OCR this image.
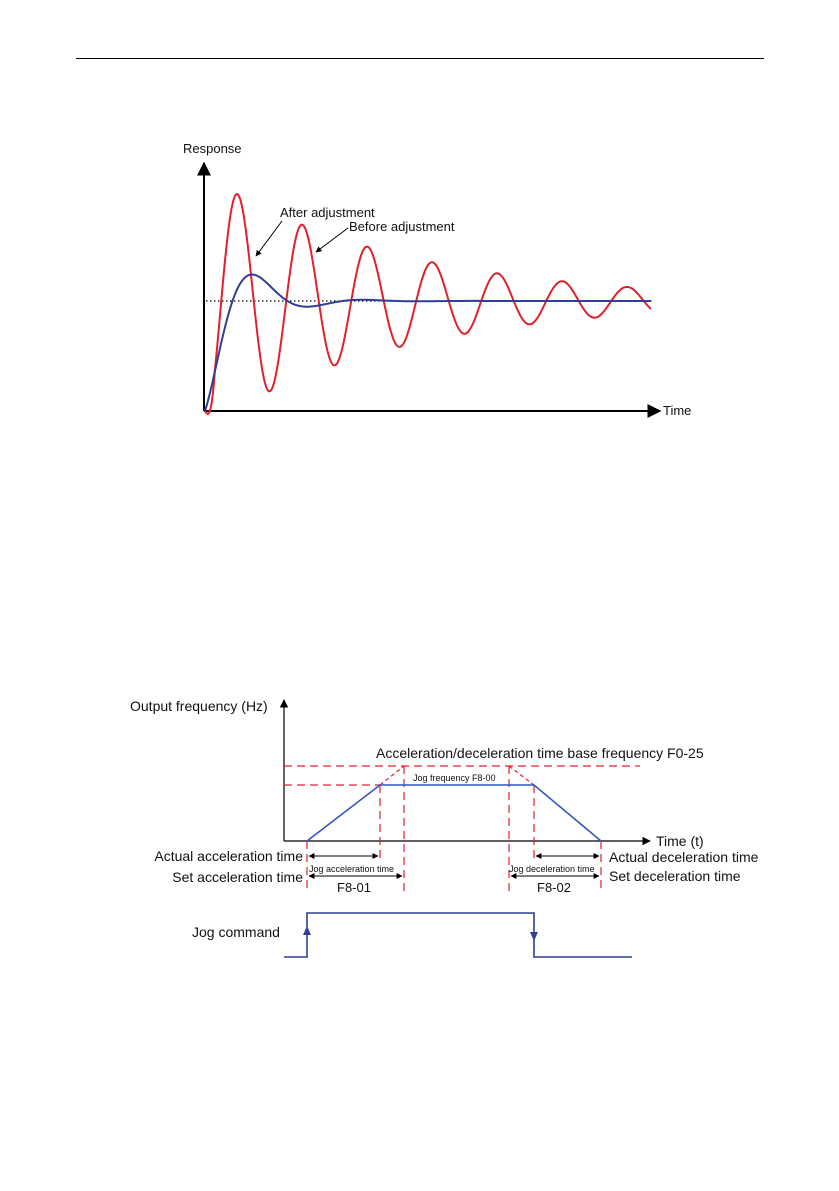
Response
Time
After adjustment
Before adjustment
Output frequency (Hz)
Time (t)
Acceleration/deceleration time base frequency F0-25
Jog frequency F8-00
Jog acceleration time
F8-01
Actual acceleration time
Set acceleration time	Jog deceleration time
F8-02
Actual deceleration time
Set deceleration time
Jog command
